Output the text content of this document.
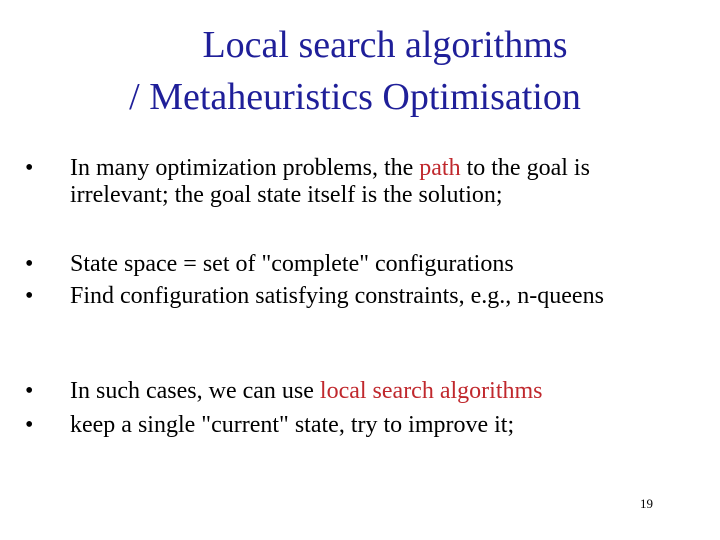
Local search algorithms
/ Metaheuristics Optimisation
• In many optimization problems, the path to the goal is irrelevant; the goal state itself is the solution;
• State space = set of "complete" configurations
• Find configuration satisfying constraints, e.g., n-queens
• In such cases, we can use local search algorithms
• keep a single "current" state, try to improve it;
19
